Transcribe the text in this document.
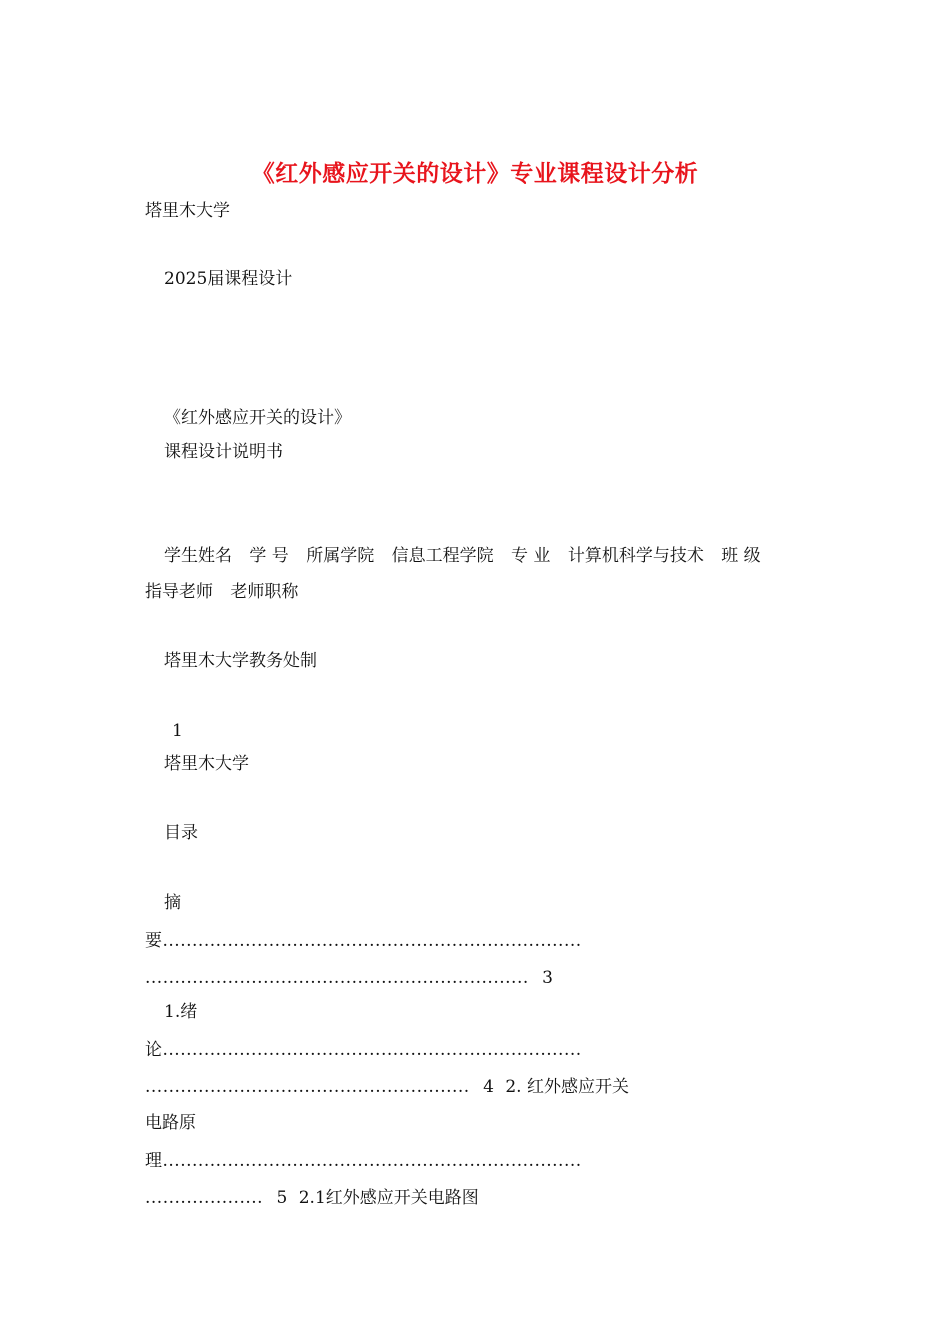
《红外感应开关的设计》专业课程设计分析
塔里木大学
2025届课程设计
《红外感应开关的设计》
课程设计说明书
学生姓名 学 号 所属学院 信息工程学院 专 业 计算机科学与技术 班 级
指导老师 老师职称
塔里木大学教务处制
1
塔里木大学
目录
摘
要.......................................................................
................................................................. 3
1.绪
论.......................................................................
....................................................... 4 2. 红外感应开关
电路原
理.......................................................................
.................... 5 2.1红外感应开关电路图
